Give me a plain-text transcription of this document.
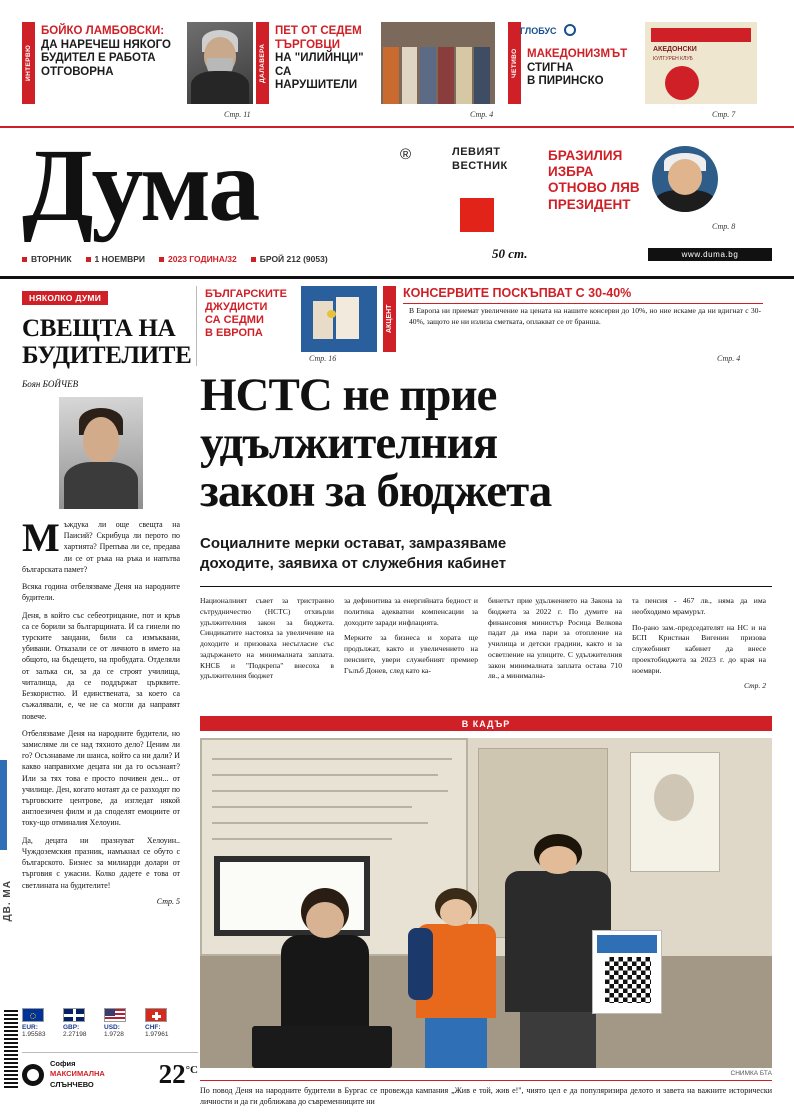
ИНТЕРВЮ
БОЙКО ЛАМБОВСКИ:
ДА НАРЕЧЕШ НЯКОГО
БУДИТЕЛ Е РАБОТА
ОТГОВОРНА
Стр. 11
ДАЛАВЕРА
ПЕТ ОТ СЕДЕМ
ТЪРГОВЦИ
НА "ИЛИЙНЦИ"
СА НАРУШИТЕЛИ
Стр. 4
ЧЕТИВО МАКЕДОНИЗМЪТ
СТИГНА
В ПИРИНСКО
АКЕДОНСКИ
КУЛТУРЕН КЛУБ
ГЛОБУС
Стр. 7
Дума	®	ЛЕВИЯТ
ВЕСТНИК
БРАЗИЛИЯ
ИЗБРА
ОТНОВО ЛЯВ
ПРЕЗИДЕНТ
Стр. 8
ВТОРНИК	1 НОЕМВРИ	2023 ГОДИНА/32	БРОЙ 212 (9053)	50 ст.	www.duma.bg
НЯКОЛКО ДУМИ
СВЕЩТА НА БУДИТЕЛИТЕ
Боян БОЙЧЕВ

Мъждука ли още свещта на Паисий? Скрибуца ли перото по хартията? Препъва ли се, предава ли се от ръка на ръка и напътва българската памет?

Всяка година отбелязваме Деня на народните будители.

Деня, в който със себеотрицание, пот и кръв са се борили за българщината. И са гинели по турските зандани, били са измъквани, убивани. Отказали се от личното в името на общото, на бъдещето, на пробудата. Отделяли от залъка си, за да се строят училища, читалища, да се поддържат църквите. Безкористно. И единствената, за което са съжалявали, е, че не са могли да направят повече.

Отбелязваме Деня на народните будители, но замисляме ли се над тяхното дело? Ценим ли го? Осъзнаваме ли шанса, който са ни дали? И какво направихме децата ни да го осъзнаят? Или за тях това е просто почивен ден... от училище. Ден, когато мотаят да се разходят по търговските центрове, да изгледат някой англоезичен филм и да споделят емоциите от току-що отминалия Хелоуин.

Да, децата ни празнуват Хелоуин.. Чуждоземския празник, намъкнал се обуто с българското. Бизнес за милиарди долари от търговия с ужасни. Колко дадете е това от светлината на будителите!

Стр. 5
ДВ. МА
EUR:
1.95583
GBP:
2.27198
USD:
1.9728
CHF:
1.97961
София
МАКСИМАЛНА
СЛЪНЧЕВО	$22^{^\circ C}$
БЪЛГАРСКИТЕ
ДЖУДИСТИ
СА СЕДМИ
В ЕВРОПА
Стр. 16
АКЦЕНТ
КОНСЕРВИТЕ ПОСКЪПВАТ С 30-40%
В Европа ни приемат увеличение на цената на нашите консерви до 10%, но ние искаме да ни вдигнат с 30-40%, защото не ни излиза сметката, оплакват се от бранша.
Стр. 4
НСТС не прие
удължителния
закон за бюджета
Социалните мерки остават, замразяваме
доходите, заявиха от служебния кабинет

Националният съвет за тристранно сътрудничество (НСТС) отхвърли удължителния закон за бюджета. Синдикатите настояха за увеличение на доходите и призоваха несъгласие със задържането на минималната заплата. КНСБ и "Подкрепа" внесоха в удължителния бюджет

за дефинитива за енергийната бедност и политика адекватни компенсации за доходите заради инфлацията.

Мерките за бизнеса и хората ще продължат, както и увеличението на пенсиите, увери служебният премиер Гълъб Донев, след като ка-

бинетът прие удължението на Закона за бюджета за 2022 г. По думите на финансовия министър Росица Велкова падат да има пари за отопление на училища и детски градини, както и за осветление на улиците. С удължителния закон минималната заплата остава 710 лв., а минимална-

та пенсия - 467 лв., няма да има необходимо мрамурът.

По-рано зам.-председателят на НС и на БСП Кристиан Вигенин призова служебният кабинет да внесе проектобюджета за 2023 г. до края на ноември.

Стр. 2
В КАДЪР
СНИМКА БТА
По повод Деня на народните будители в Бургас се провежда кампания „Жив е той, жив е!", чиято цел е да популяризира делото и завета на важните исторически личности и да ги доближава до съвременниците ни
